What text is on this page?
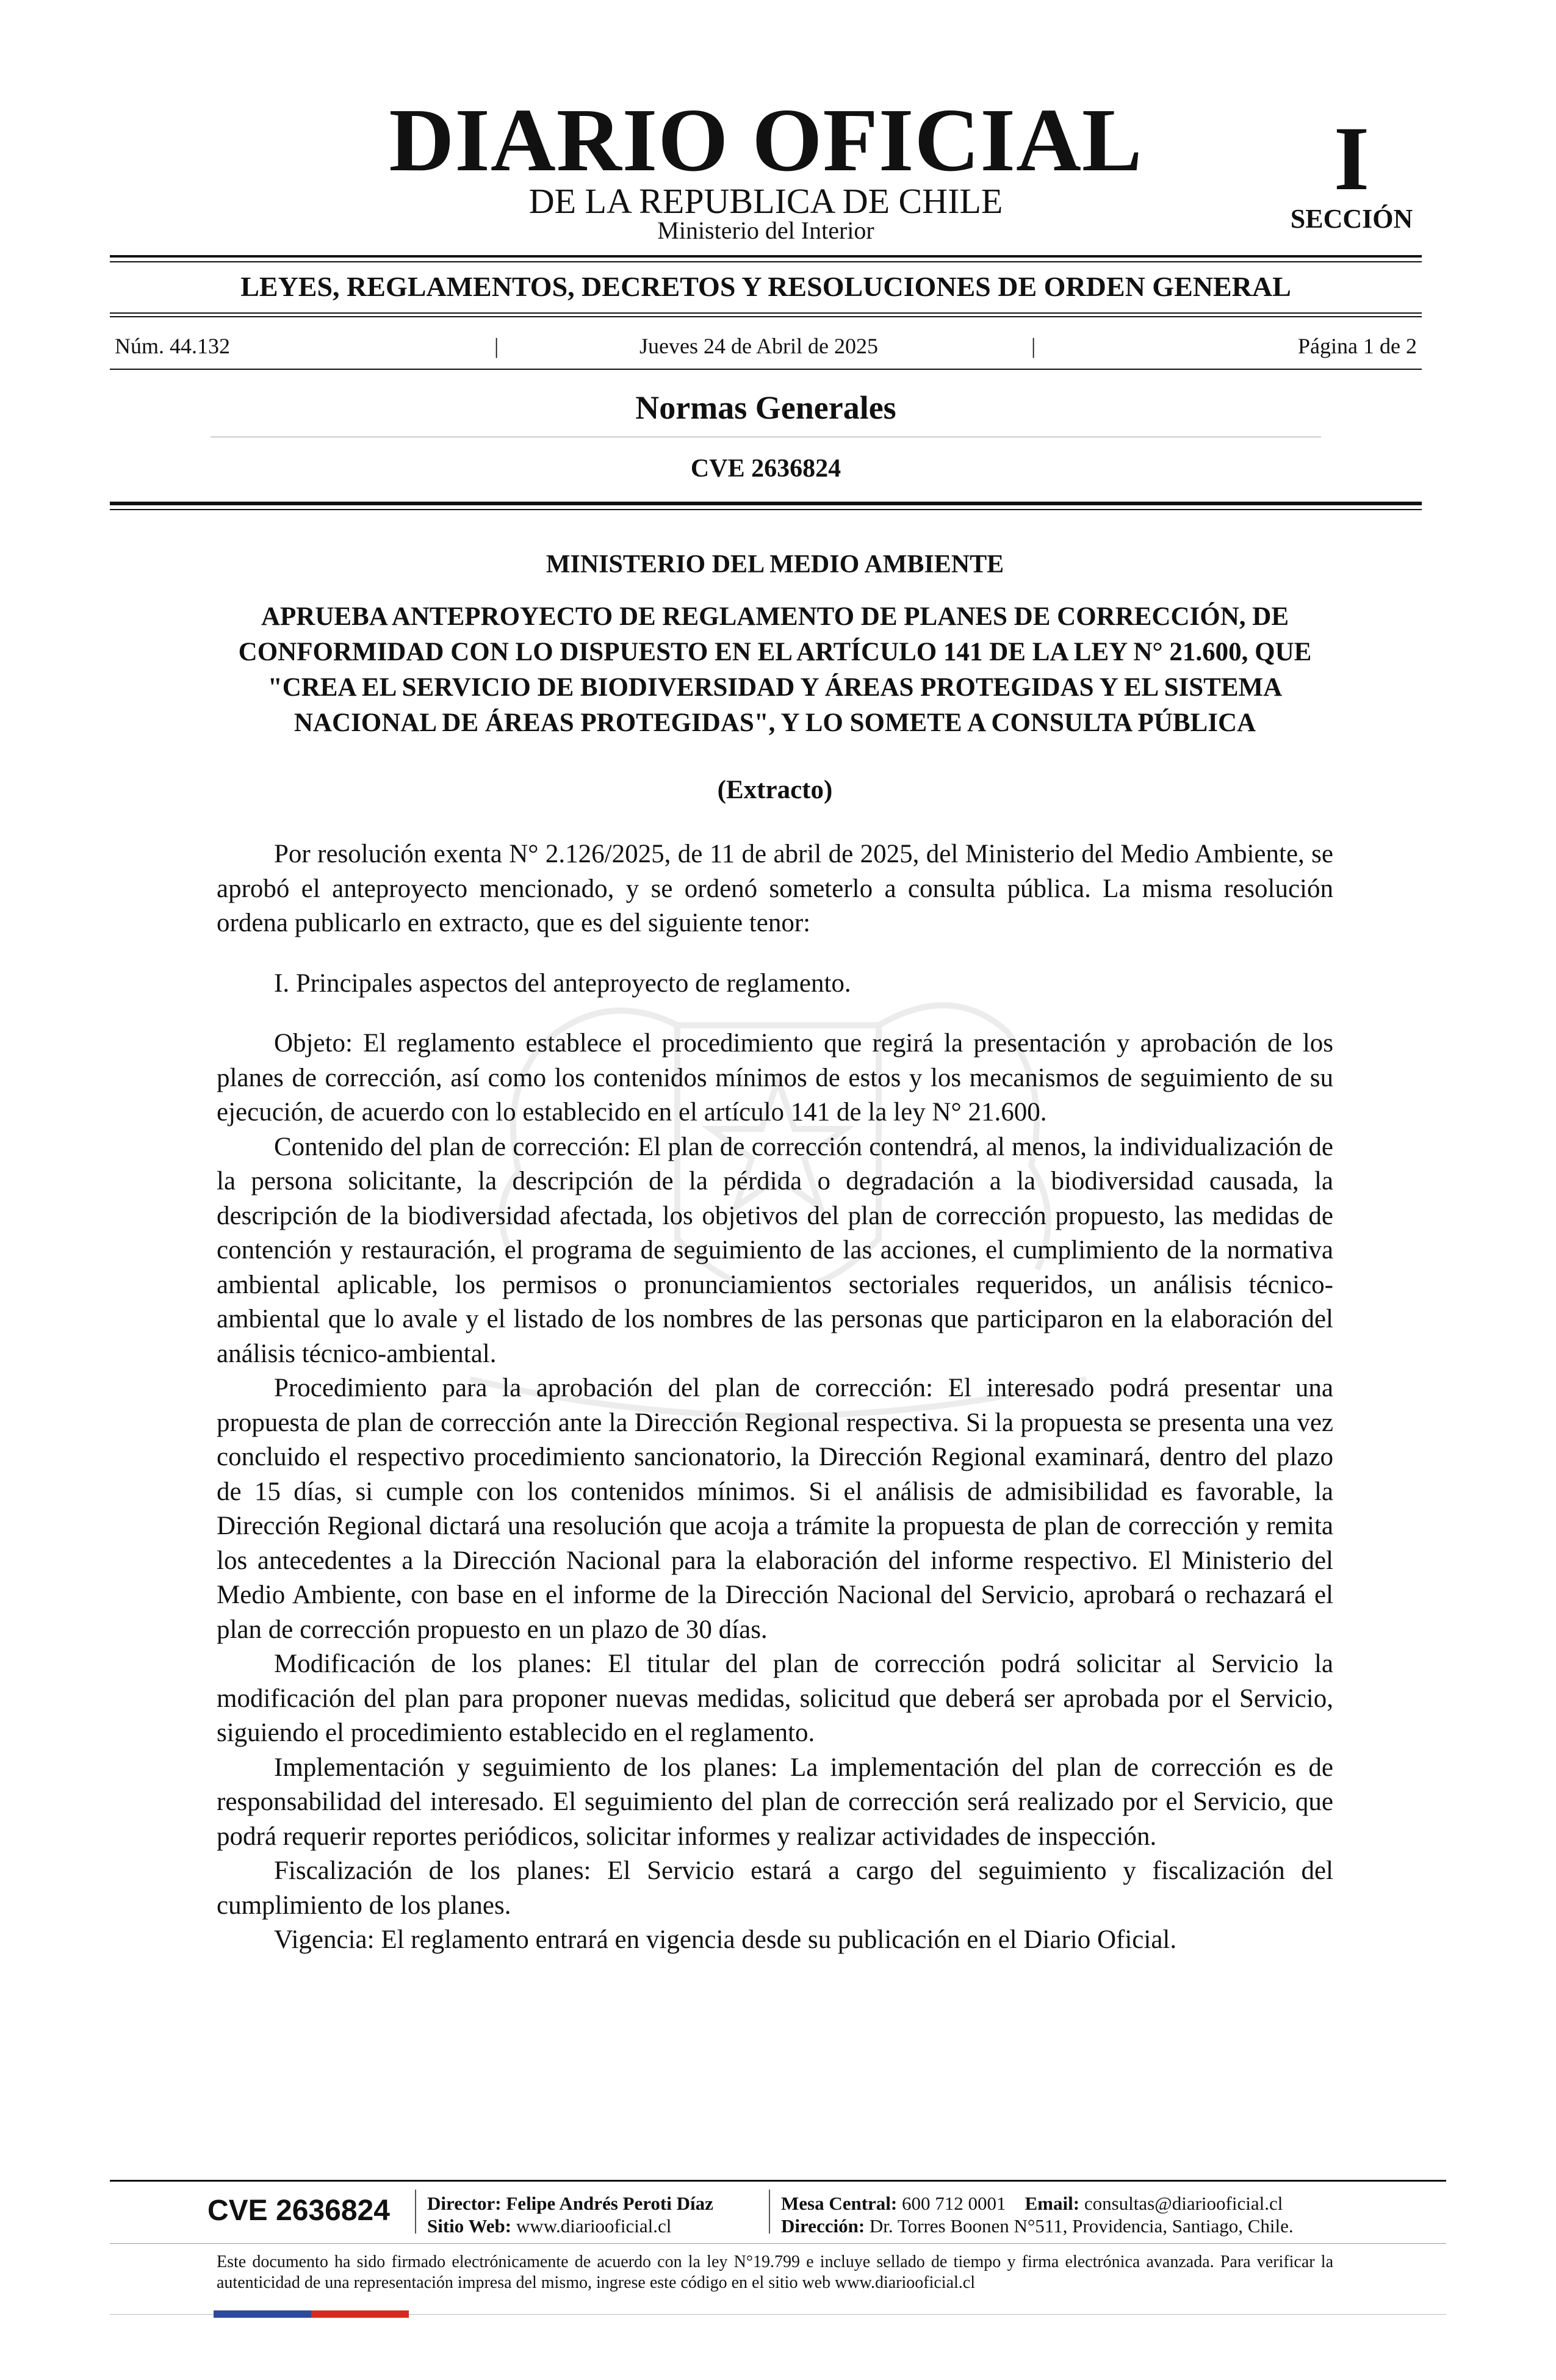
DIARIO OFICIAL
DE LA REPUBLICA DE CHILE
Ministerio del Interior
I
SECCIÓN
LEYES, REGLAMENTOS, DECRETOS Y RESOLUCIONES DE ORDEN GENERAL
Núm. 44.132	|	Jueves 24 de Abril de 2025	|	Página 1 de 2
Normas Generales
CVE 2636824

MINISTERIO DEL MEDIO AMBIENTE

APRUEBA ANTEPROYECTO DE REGLAMENTO DE PLANES DE CORRECCIÓN, DE CONFORMIDAD CON LO DISPUESTO EN EL ARTÍCULO 141 DE LA LEY N° 21.600, QUE "CREA EL SERVICIO DE BIODIVERSIDAD Y ÁREAS PROTEGIDAS Y EL SISTEMA NACIONAL DE ÁREAS PROTEGIDAS", Y LO SOMETE A CONSULTA PÚBLICA

(Extracto)

Por resolución exenta N° 2.126/2025, de 11 de abril de 2025, del Ministerio del Medio Ambiente, se aprobó el anteproyecto mencionado, y se ordenó someterlo a consulta pública. La misma resolución ordena publicarlo en extracto, que es del siguiente tenor:

I. Principales aspectos del anteproyecto de reglamento.

Objeto: El reglamento establece el procedimiento que regirá la presentación y aprobación de los planes de corrección, así como los contenidos mínimos de estos y los mecanismos de seguimiento de su ejecución, de acuerdo con lo establecido en el artículo 141 de la ley N° 21.600.

Contenido del plan de corrección: El plan de corrección contendrá, al menos, la individualización de la persona solicitante, la descripción de la pérdida o degradación a la biodiversidad causada, la descripción de la biodiversidad afectada, los objetivos del plan de corrección propuesto, las medidas de contención y restauración, el programa de seguimiento de las acciones, el cumplimiento de la normativa ambiental aplicable, los permisos o pronunciamientos sectoriales requeridos, un análisis técnico-ambiental que lo avale y el listado de los nombres de las personas que participaron en la elaboración del análisis técnico-ambiental.

Procedimiento para la aprobación del plan de corrección: El interesado podrá presentar una propuesta de plan de corrección ante la Dirección Regional respectiva. Si la propuesta se presenta una vez concluido el respectivo procedimiento sancionatorio, la Dirección Regional examinará, dentro del plazo de 15 días, si cumple con los contenidos mínimos. Si el análisis de admisibilidad es favorable, la Dirección Regional dictará una resolución que acoja a trámite la propuesta de plan de corrección y remita los antecedentes a la Dirección Nacional para la elaboración del informe respectivo. El Ministerio del Medio Ambiente, con base en el informe de la Dirección Nacional del Servicio, aprobará o rechazará el plan de corrección propuesto en un plazo de 30 días.

Modificación de los planes: El titular del plan de corrección podrá solicitar al Servicio la modificación del plan para proponer nuevas medidas, solicitud que deberá ser aprobada por el Servicio, siguiendo el procedimiento establecido en el reglamento.

Implementación y seguimiento de los planes: La implementación del plan de corrección es de responsabilidad del interesado. El seguimiento del plan de corrección será realizado por el Servicio, que podrá requerir reportes periódicos, solicitar informes y realizar actividades de inspección.

Fiscalización de los planes: El Servicio estará a cargo del seguimiento y fiscalización del cumplimiento de los planes.

Vigencia: El reglamento entrará en vigencia desde su publicación en el Diario Oficial.

CVE 2636824 Director: Felipe Andrés Peroti Díaz
Sitio Web: www.diariooficial.cl
Mesa Central: 600 712 0001 Email: consultas@diariooficial.cl
Dirección: Dr. Torres Boonen N°511, Providencia, Santiago, Chile.
Este documento ha sido firmado electrónicamente de acuerdo con la ley N°19.799 e incluye sellado de tiempo y firma electrónica avanzada. Para verificar la autenticidad de una representación impresa del mismo, ingrese este código en el sitio web www.diariooficial.cl
